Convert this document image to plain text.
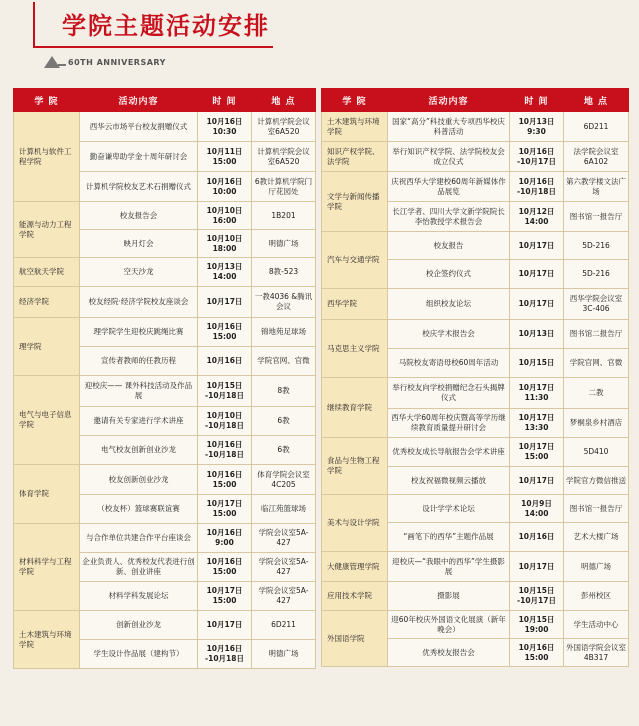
学院主题活动安排
60TH ANNIVERSARY
学 院	活动内容	时 间	地 点
计算机与软件工程学院	西华云市场平台校友捐赠仪式	10月16日 10:30	计算机学院会议室6A520
	勤奋谦卑助学金十周年研讨会	10月11日 15:00	计算机学院会议室6A520
	计算机学院校友艺术石捐赠仪式	10月16日 10:00	6教计算机学院门厅花园处
能源与动力工程学院	校友报告会	10月10日 16:00	1B201
	映月灯会	10月10日 18:00	明德广场
航空航天学院	空天沙龙	10月13日 14:00	8教-523
经济学院	校友经院·经济学院校友座谈会	10月17日	一教4036 &腾讯会议
理学院	理学院学生迎校庆跳绳比赛	10月16日 15:00	锦地苑足球场
	宣传者教师的任教历程	10月16日	学院官网、官微
电气与电子信息学院	迎校庆—— 课外科技活动及作品展	10月15日 -10月18日	8教
	邀请有关专家进行学术讲座	10月10日 -10月18日	6教
	电气校友创新创业沙龙	10月16日 -10月18日	6教
体育学院	校友创新创业沙龙	10月16日 15:00	体育学院会议室4C205
	（校友杯）篮球赛联谊赛	10月17日 15:00	临江苑篮球场
材料科学与工程学院	与合作单位共建合作平台座谈会	10月16日 9:00	学院会议室5A-427
	企业负责人、优秀校友代表进行创新、创业讲座	10月16日 15:00	学院会议室5A-427
	材料学科发展论坛	10月17日 15:00	学院会议室5A-427
土木建筑与环境学院	创新创业沙龙	10月17日	6D211
	学生设计作品展（建构节）	10月16日 -10月18日	明德广场
学 院	活动内容	时 间	地 点
土木建筑与环境学院	国家“高分”科技重大专项西华校庆科普活动	10月13日 9:30	6D211
知识产权学院、法学院	举行知识产权学院、法学院校友会成立仪式	10月16日 -10月17日	法学院会议室6A102
文学与新闻传播学院	庆祝西华大学建校60周年新媒体作品展览	10月16日 -10月18日	第六教学楼文法广场
	长江学者、四川大学文新学院院长李怡教授学术报告会	10月12日 14:00	图书馆一报告厅
汽车与交通学院	校友报告	10月17日	5D-216
	校企签约仪式	10月17日	5D-216
西华学院	组织校友论坛	10月17日	西华学院会议室3C-406
马克思主义学院	校庆学术报告会	10月13日	图书馆二报告厅
	马院校友寄语母校60周年活动	10月15日	学院官网、官微
继续教育学院	举行校友向学校捐赠纪念石头揭牌仪式	10月17日 11:30	二教
	西华大学60周年校庆暨高等学历继续教育质量提升研讨会	10月17日 13:30	梦桐泉乡村酒店
食品与生物工程学院	优秀校友成长导航报告会学术讲座	10月17日 15:00	5D410
	校友祝福微视频云播放	10月17日	学院官方微信推送
美术与设计学院	设计学学术论坛	10月9日 14:00	图书馆一报告厅
	“画笔下的西华”主题作品展	10月16日	艺术大楼广场
大健康管理学院	迎校庆—“我眼中的西华”学生摄影展	10月17日	明德广场
应用技术学院	摄影展	10月15日 -10月17日	彭州校区
外国语学院	迎60年校庆外国语文化展演（新年晚会）	10月15日 19:00	学生活动中心
	优秀校友报告会	10月16日 15:00	外国语学院会议室4B317
